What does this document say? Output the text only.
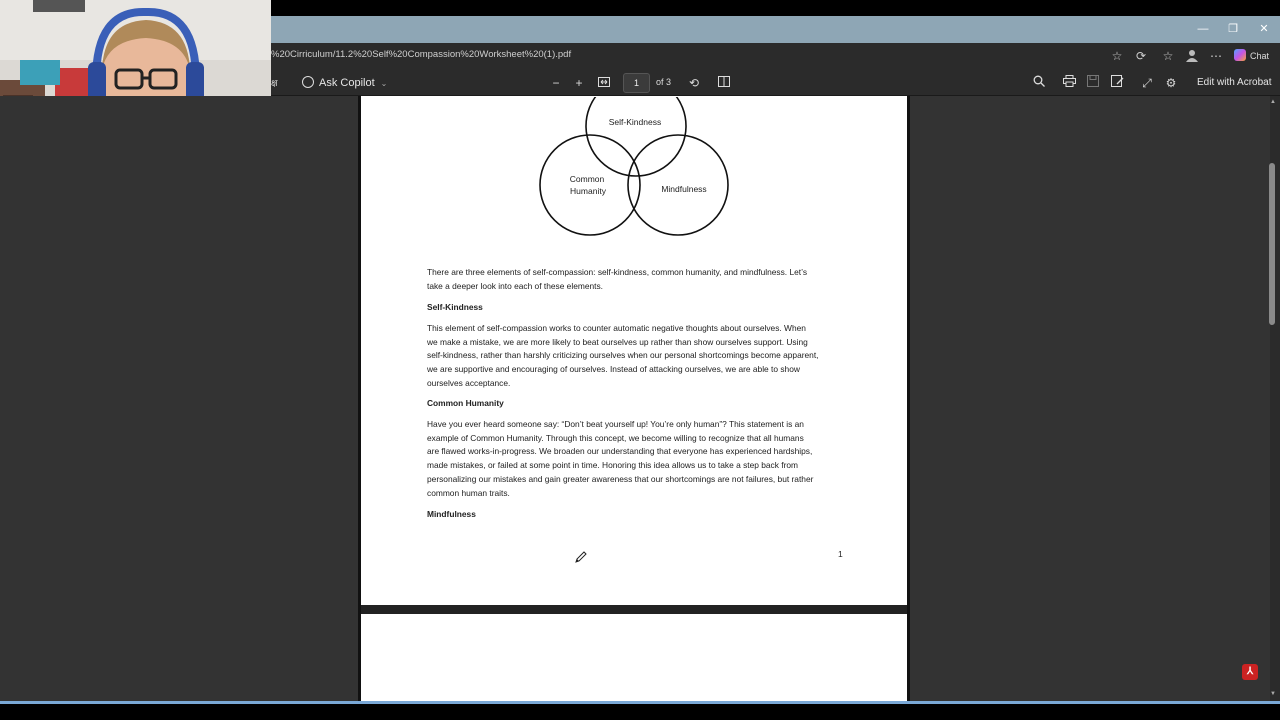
—	❐	✕
%20Cirriculum/11.2%20Self%20Compassion%20Worksheet%20(1).pdf	☆ ⟳ ☆	⋯	Chat
क्ष	Ask Copilot ⌄	−	+	1	of 3	⟲	⤢	⚙	Edit with Acrobat
Self-Kindness
Common
Humanity	Mindfulness

There are three elements of self-compassion: self-kindness, common humanity, and mindfulness. Let’s

take a deeper look into each of these elements.

Self-Kindness

This element of self-compassion works to counter automatic negative thoughts about ourselves. When

we make a mistake, we are more likely to beat ourselves up rather than show ourselves support. Using

self-kindness, rather than harshly criticizing ourselves when our personal shortcomings become apparent,

we are supportive and encouraging of ourselves. Instead of attacking ourselves, we are able to show

ourselves acceptance.

Common Humanity

Have you ever heard someone say: “Don’t beat yourself up! You’re only human”? This statement is an

example of Common Humanity. Through this concept, we become willing to recognize that all humans

are flawed works-in-progress. We broaden our understanding that everyone has experienced hardships,

made mistakes, or failed at some point in time. Honoring this idea allows us to take a step back from

personalizing our mistakes and gain greater awareness that our shortcomings are not failures, but rather

common human traits.

Mindfulness
1
▲
▼
⅄
